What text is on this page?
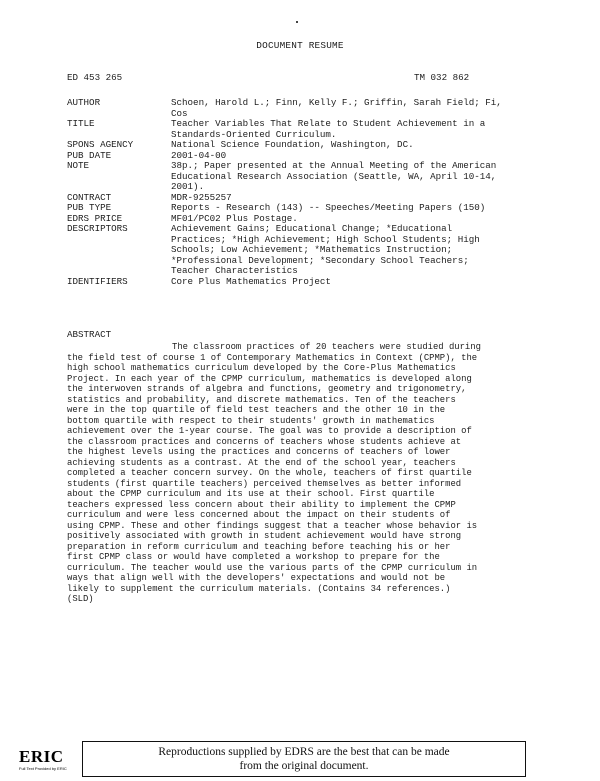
DOCUMENT RESUME
ED 453 265	TM 032 862
AUTHOR	Schoen, Harold L.; Finn, Kelly F.; Griffin, Sarah Field; Fi,
Cos
TITLE	Teacher Variables That Relate to Student Achievement in a
Standards-Oriented Curriculum.
SPONS AGENCY	National Science Foundation, Washington, DC.
PUB DATE	2001-04-00
NOTE	38p.; Paper presented at the Annual Meeting of the American
Educational Research Association (Seattle, WA, April 10-14,
2001).
CONTRACT	MDR-9255257
PUB TYPE	Reports - Research (143) -- Speeches/Meeting Papers (150)
EDRS PRICE	MF01/PC02 Plus Postage.
DESCRIPTORS	Achievement Gains; Educational Change; *Educational
Practices; *High Achievement; High School Students; High
Schools; Low Achievement; *Mathematics Instruction;
*Professional Development; *Secondary School Teachers;
Teacher Characteristics
IDENTIFIERS	Core Plus Mathematics Project
ABSTRACT
The classroom practices of 20 teachers were studied during
the field test of course 1 of Contemporary Mathematics in Context (CPMP), the
high school mathematics curriculum developed by the Core-Plus Mathematics
Project. In each year of the CPMP curriculum, mathematics is developed along
the interwoven strands of algebra and functions, geometry and trigonometry,
statistics and probability, and discrete mathematics. Ten of the teachers
were in the top quartile of field test teachers and the other 10 in the
bottom quartile with respect to their students' growth in mathematics
achievement over the 1-year course. The goal was to provide a description of
the classroom practices and concerns of teachers whose students achieve at
the highest levels using the practices and concerns of teachers of lower
achieving students as a contrast. At the end of the school year, teachers
completed a teacher concern survey. On the whole, teachers of first quartile
students (first quartile teachers) perceived themselves as better informed
about the CPMP curriculum and its use at their school. First quartile
teachers expressed less concern about their ability to implement the CPMP
curriculum and were less concerned about the impact on their students of
using CPMP. These and other findings suggest that a teacher whose behavior is
positively associated with growth in student achievement would have strong
preparation in reform curriculum and teaching before teaching his or her
first CPMP class or would have completed a workshop to prepare for the
curriculum. The teacher would use the various parts of the CPMP curriculum in
ways that align well with the developers' expectations and would not be
likely to supplement the curriculum materials. (Contains 34 references.)
(SLD)
ERIC
Full Text Provided by ERIC
Reproductions supplied by EDRS are the best that can be made
from the original document.
